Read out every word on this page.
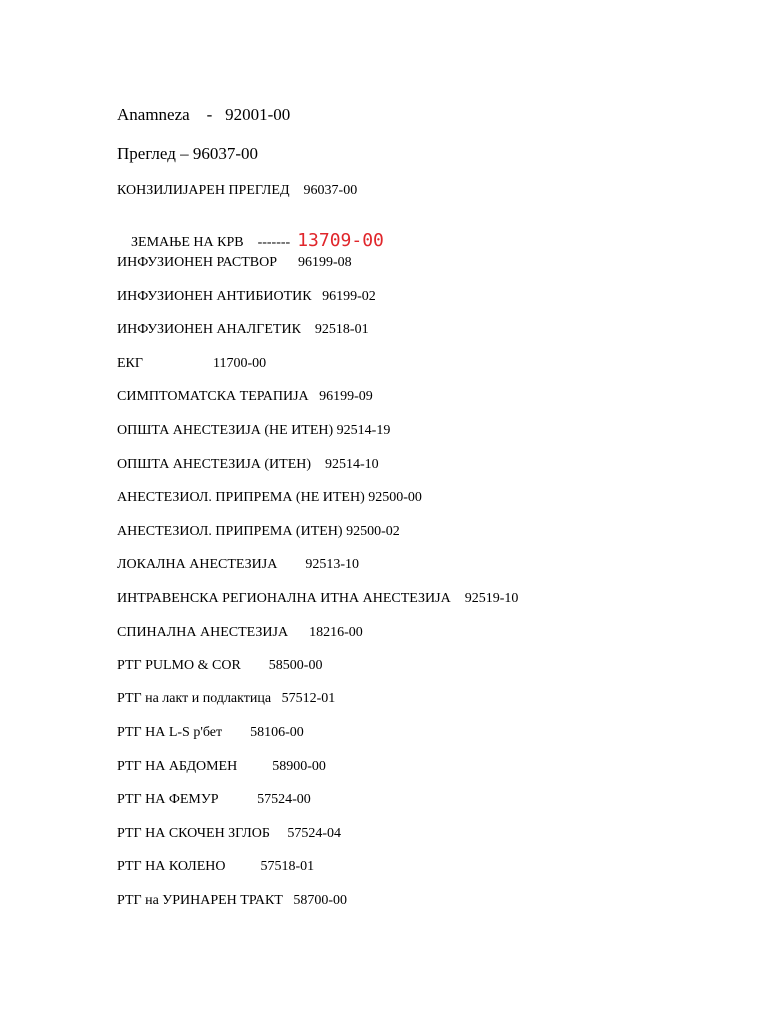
Anamneza    -   92001-00
Преглед – 96037-00
КОНЗИЛИЈАРЕН ПРЕГЛЕД    96037-00

ЗЕМАЊЕ НА КРВ    -------  13709-00

ИНФУЗИОНЕН РАСТВОР      96199-08
ИНФУЗИОНЕН АНТИБИОТИК   96199-02
ИНФУЗИОНЕН АНАЛГЕТИК    92518-01
ЕКГ                    11700-00
СИМПТОМАТСКА ТЕРАПИЈА   96199-09
ОПШТА АНЕСТЕЗИЈА (НЕ ИТЕН) 92514-19
ОПШТА АНЕСТЕЗИЈА (ИТЕН)    92514-10
АНЕСТЕЗИОЛ. ПРИПРЕМА (НЕ ИТЕН) 92500-00
АНЕСТЕЗИОЛ. ПРИПРЕМА (ИТЕН) 92500-02
ЛОКАЛНА АНЕСТЕЗИЈА        92513-10
ИНТРАВЕНСКА РЕГИОНАЛНА ИТНА АНЕСТЕЗИЈА    92519-10
СПИНАЛНА АНЕСТЕЗИЈА      18216-00
РТГ PULMO & COR        58500-00
РТГ на лакт и подлактица   57512-01
РТГ НА L-S р'бет        58106-00
РТГ НА АБДОМЕН          58900-00
РТГ НА ФЕМУР           57524-00
РТГ НА СКОЧЕН ЗГЛОБ     57524-04
РТГ НА КОЛЕНО          57518-01
РТГ на УРИНАРЕН ТРАКТ   58700-00
